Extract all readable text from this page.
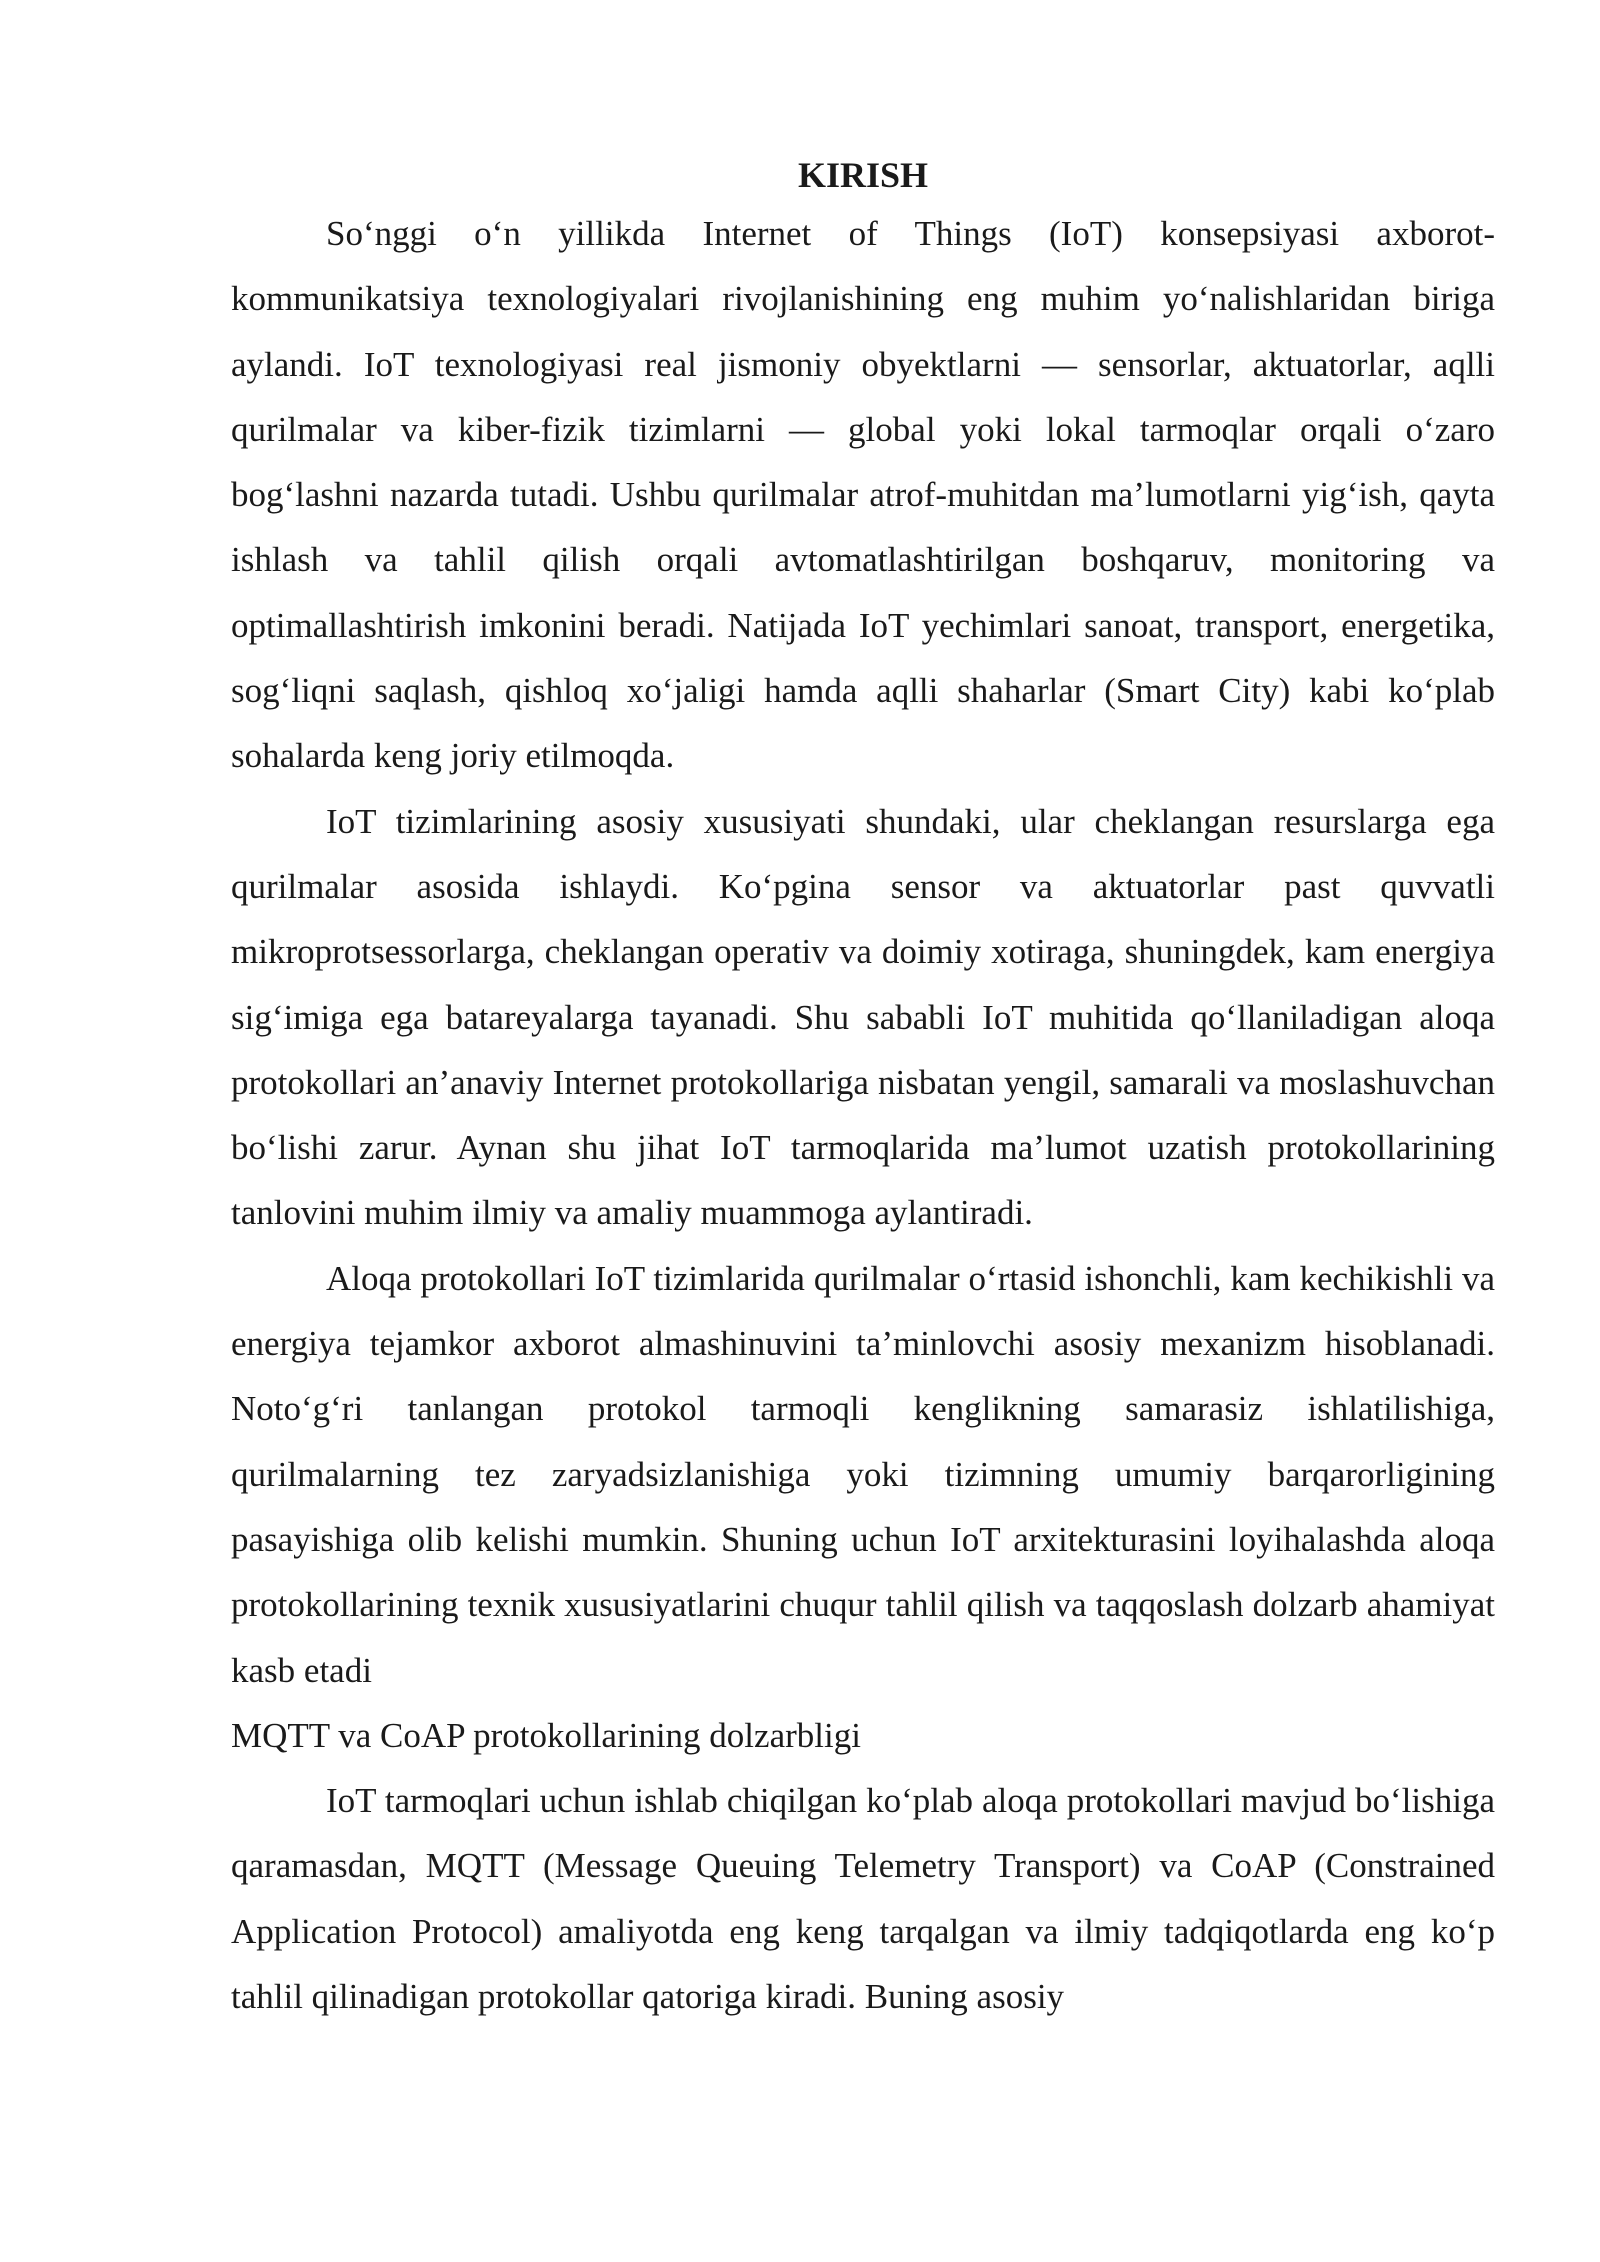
KIRISH

So‘nggi o‘n yillikda Internet of Things (IoT) konsepsiyasi axborot-kommunikatsiya texnologiyalari rivojlanishining eng muhim yo‘nalishlaridan biriga aylandi. IoT texnologiyasi real jismoniy obyektlarni — sensorlar, aktuatorlar, aqlli qurilmalar va kiber-fizik tizimlarni — global yoki lokal tarmoqlar orqali o‘zaro bog‘lashni nazarda tutadi. Ushbu qurilmalar atrof-muhitdan ma’lumotlarni yig‘ish, qayta ishlash va tahlil qilish orqali avtomatlashtirilgan boshqaruv, monitoring va optimallashtirish imkonini beradi. Natijada IoT yechimlari sanoat, transport, energetika, sog‘liqni saqlash, qishloq xo‘jaligi hamda aqlli shaharlar (Smart City) kabi ko‘plab sohalarda keng joriy etilmoqda.

IoT tizimlarining asosiy xususiyati shundaki, ular cheklangan resurslarga ega qurilmalar asosida ishlaydi. Ko‘pgina sensor va aktuatorlar past quvvatli mikroprotsessorlarga, cheklangan operativ va doimiy xotiraga, shuningdek, kam energiya sig‘imiga ega batareyalarga tayanadi. Shu sababli IoT muhitida qo‘llaniladigan aloqa protokollari an’anaviy Internet protokollariga nisbatan yengil, samarali va moslashuvchan bo‘lishi zarur. Aynan shu jihat IoT tarmoqlarida ma’lumot uzatish protokollarining tanlovini muhim ilmiy va amaliy muammoga aylantiradi.

Aloqa protokollari IoT tizimlarida qurilmalar o‘rtasid ishonchli, kam kechikishli va energiya tejamkor axborot almashinuvini ta’minlovchi asosiy mexanizm hisoblanadi. Noto‘g‘ri tanlangan protokol tarmoqli kenglikning samarasiz ishlatilishiga, qurilmalarning tez zaryadsizlanishiga yoki tizimning umumiy barqarorligining pasayishiga olib kelishi mumkin. Shuning uchun IoT arxitekturasini loyihalashda aloqa protokollarining texnik xususiyatlarini chuqur tahlil qilish va taqqoslash dolzarb ahamiyat kasb etadi

MQTT va CoAP protokollarining dolzarbligi

IoT tarmoqlari uchun ishlab chiqilgan ko‘plab aloqa protokollari mavjud bo‘lishiga qaramasdan, MQTT (Message Queuing Telemetry Transport) va CoAP (Constrained Application Protocol) amaliyotda eng keng tarqalgan va ilmiy tadqiqotlarda eng ko‘p tahlil qilinadigan protokollar qatoriga kiradi. Buning asosiy
